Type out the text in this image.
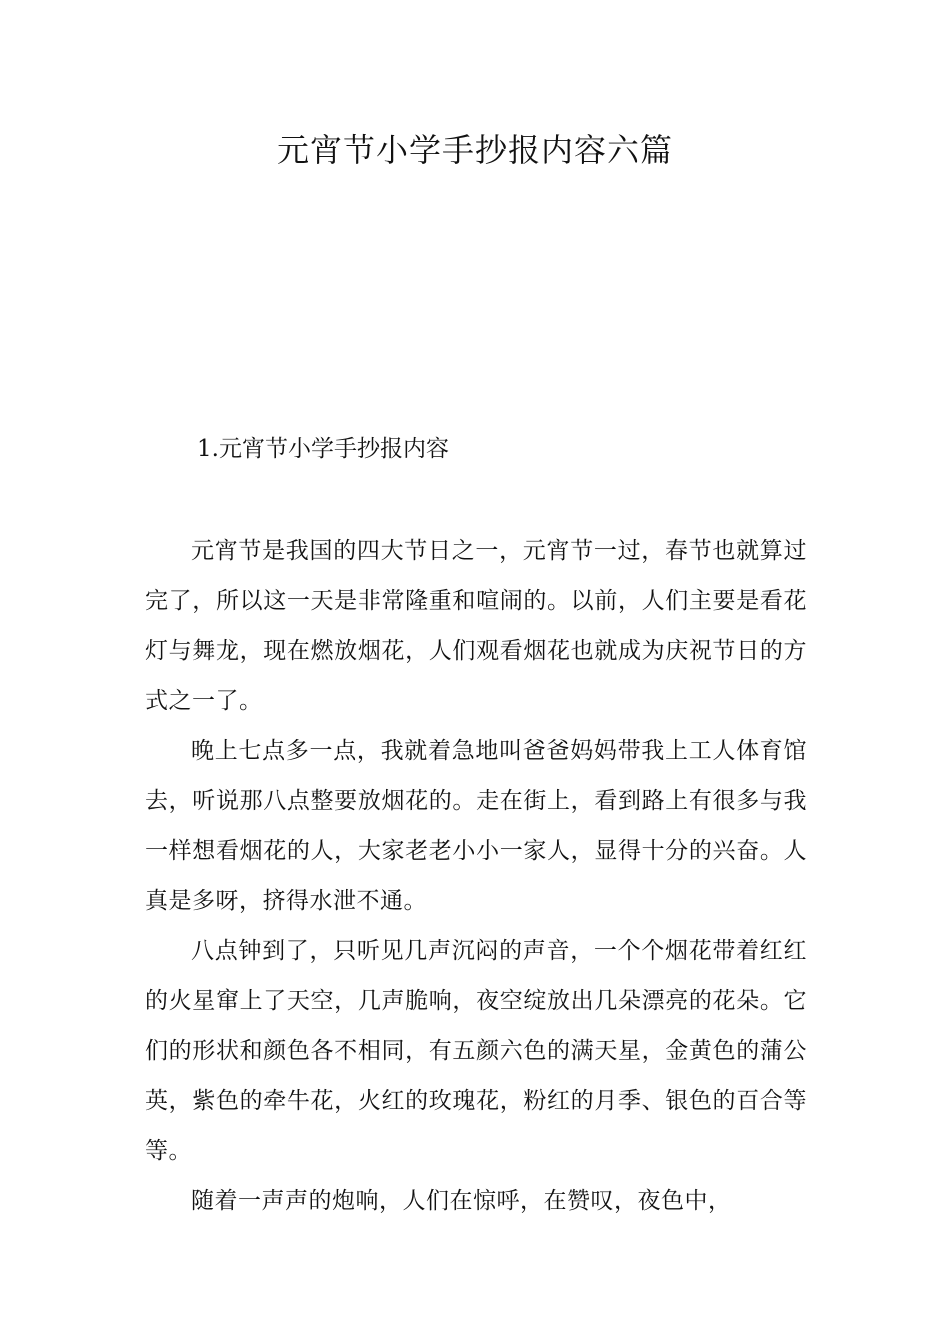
元宵节小学手抄报内容六篇
1.元宵节小学手抄报内容

元宵节是我国的四大节日之一，元宵节一过，春节也就算过完了，所以这一天是非常隆重和喧闹的。以前，人们主要是看花灯与舞龙，现在燃放烟花，人们观看烟花也就成为庆祝节日的方式之一了。

晚上七点多一点，我就着急地叫爸爸妈妈带我上工人体育馆去，听说那八点整要放烟花的。走在街上，看到路上有很多与我一样想看烟花的人，大家老老小小一家人，显得十分的兴奋。人真是多呀，挤得水泄不通。

八点钟到了，只听见几声沉闷的声音，一个个烟花带着红红的火星窜上了天空，几声脆响，夜空绽放出几朵漂亮的花朵。它们的形状和颜色各不相同，有五颜六色的满天星，金黄色的蒲公英，紫色的牵牛花，火红的玫瑰花，粉红的月季、银色的百合等等。

随着一声声的炮响，人们在惊呼，在赞叹，夜色中，
